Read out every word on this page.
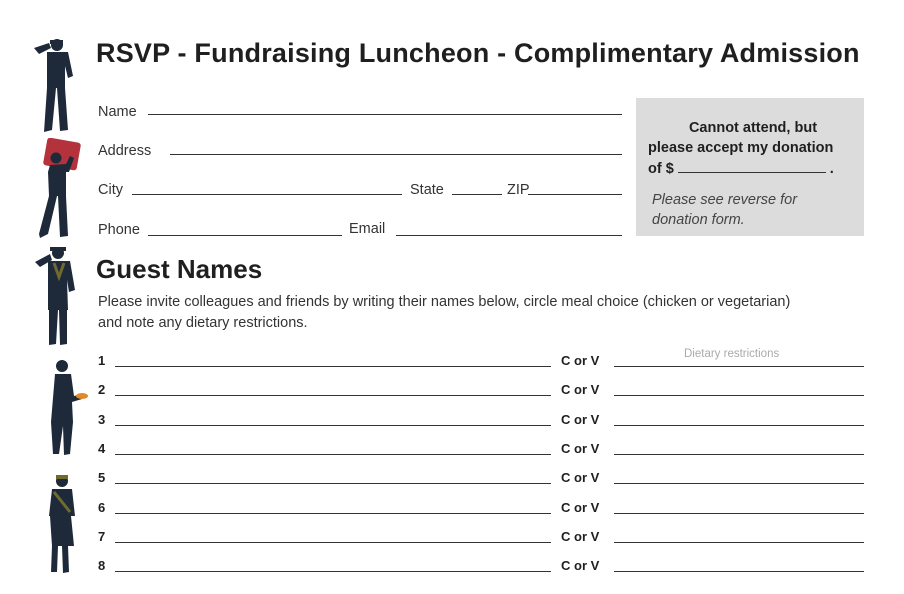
RSVP - Fundraising Luncheon - Complimentary Admission
Name
Address
City	State	ZIP
Phone	Email
Cannot attend, but
please accept my donation
of $	.
Please see reverse for donation form.
Guest Names
Please invite colleagues and friends by writing their names below, circle meal choice (chicken or vegetarian) and note any dietary restrictions.
Dietary restrictions
1	C or V
2	C or V
3	C or V
4	C or V
5	C or V
6	C or V
7	C or V
8	C or V
